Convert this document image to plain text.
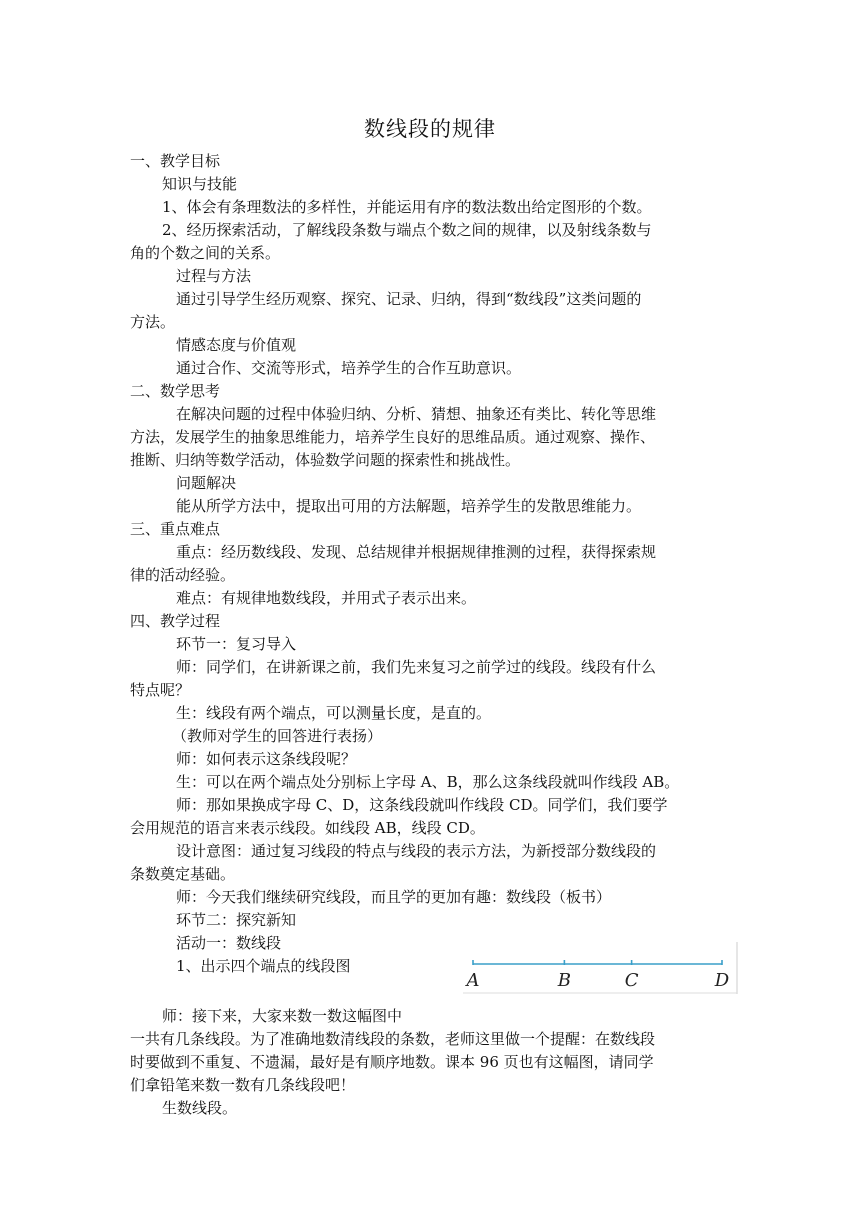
数线段的规律
一、教学目标
知识与技能
1、体会有条理数法的多样性，并能运用有序的数法数出给定图形的个数。
2、经历探索活动，了解线段条数与端点个数之间的规律，以及射线条数与
角的个数之间的关系。
过程与方法
通过引导学生经历观察、探究、记录、归纳，得到“数线段”这类问题的
方法。
情感态度与价值观
通过合作、交流等形式，培养学生的合作互助意识。
二、数学思考
在解决问题的过程中体验归纳、分析、猜想、抽象还有类比、转化等思维
方法，发展学生的抽象思维能力，培养学生良好的思维品质。通过观察、操作、
推断、归纳等数学活动，体验数学问题的探索性和挑战性。
问题解决
能从所学方法中，提取出可用的方法解题，培养学生的发散思维能力。
三、重点难点
重点：经历数线段、发现、总结规律并根据规律推测的过程，获得探索规
律的活动经验。
难点：有规律地数线段，并用式子表示出来。
四、教学过程
环节一：复习导入
师：同学们，在讲新课之前，我们先来复习之前学过的线段。线段有什么
特点呢？
生：线段有两个端点，可以测量长度，是直的。
（教师对学生的回答进行表扬）
师：如何表示这条线段呢？
生：可以在两个端点处分别标上字母 A、B，那么这条线段就叫作线段 AB。
师：那如果换成字母 C、D，这条线段就叫作线段 CD。同学们，我们要学
会用规范的语言来表示线段。如线段 AB，线段 CD。
设计意图：通过复习线段的特点与线段的表示方法，为新授部分数线段的
条数奠定基础。
师：今天我们继续研究线段，而且学的更加有趣：数线段（板书）
环节二：探究新知
活动一：数线段
1、出示四个端点的线段图
师：接下来，大家来数一数这幅图中
一共有几条线段。为了准确地数清线段的条数，老师这里做一个提醒：在数线段
时要做到不重复、不遗漏，最好是有顺序地数。课本 96 页也有这幅图，请同学
们拿铅笔来数一数有几条线段吧！
生数线段。
A	B	C	D
